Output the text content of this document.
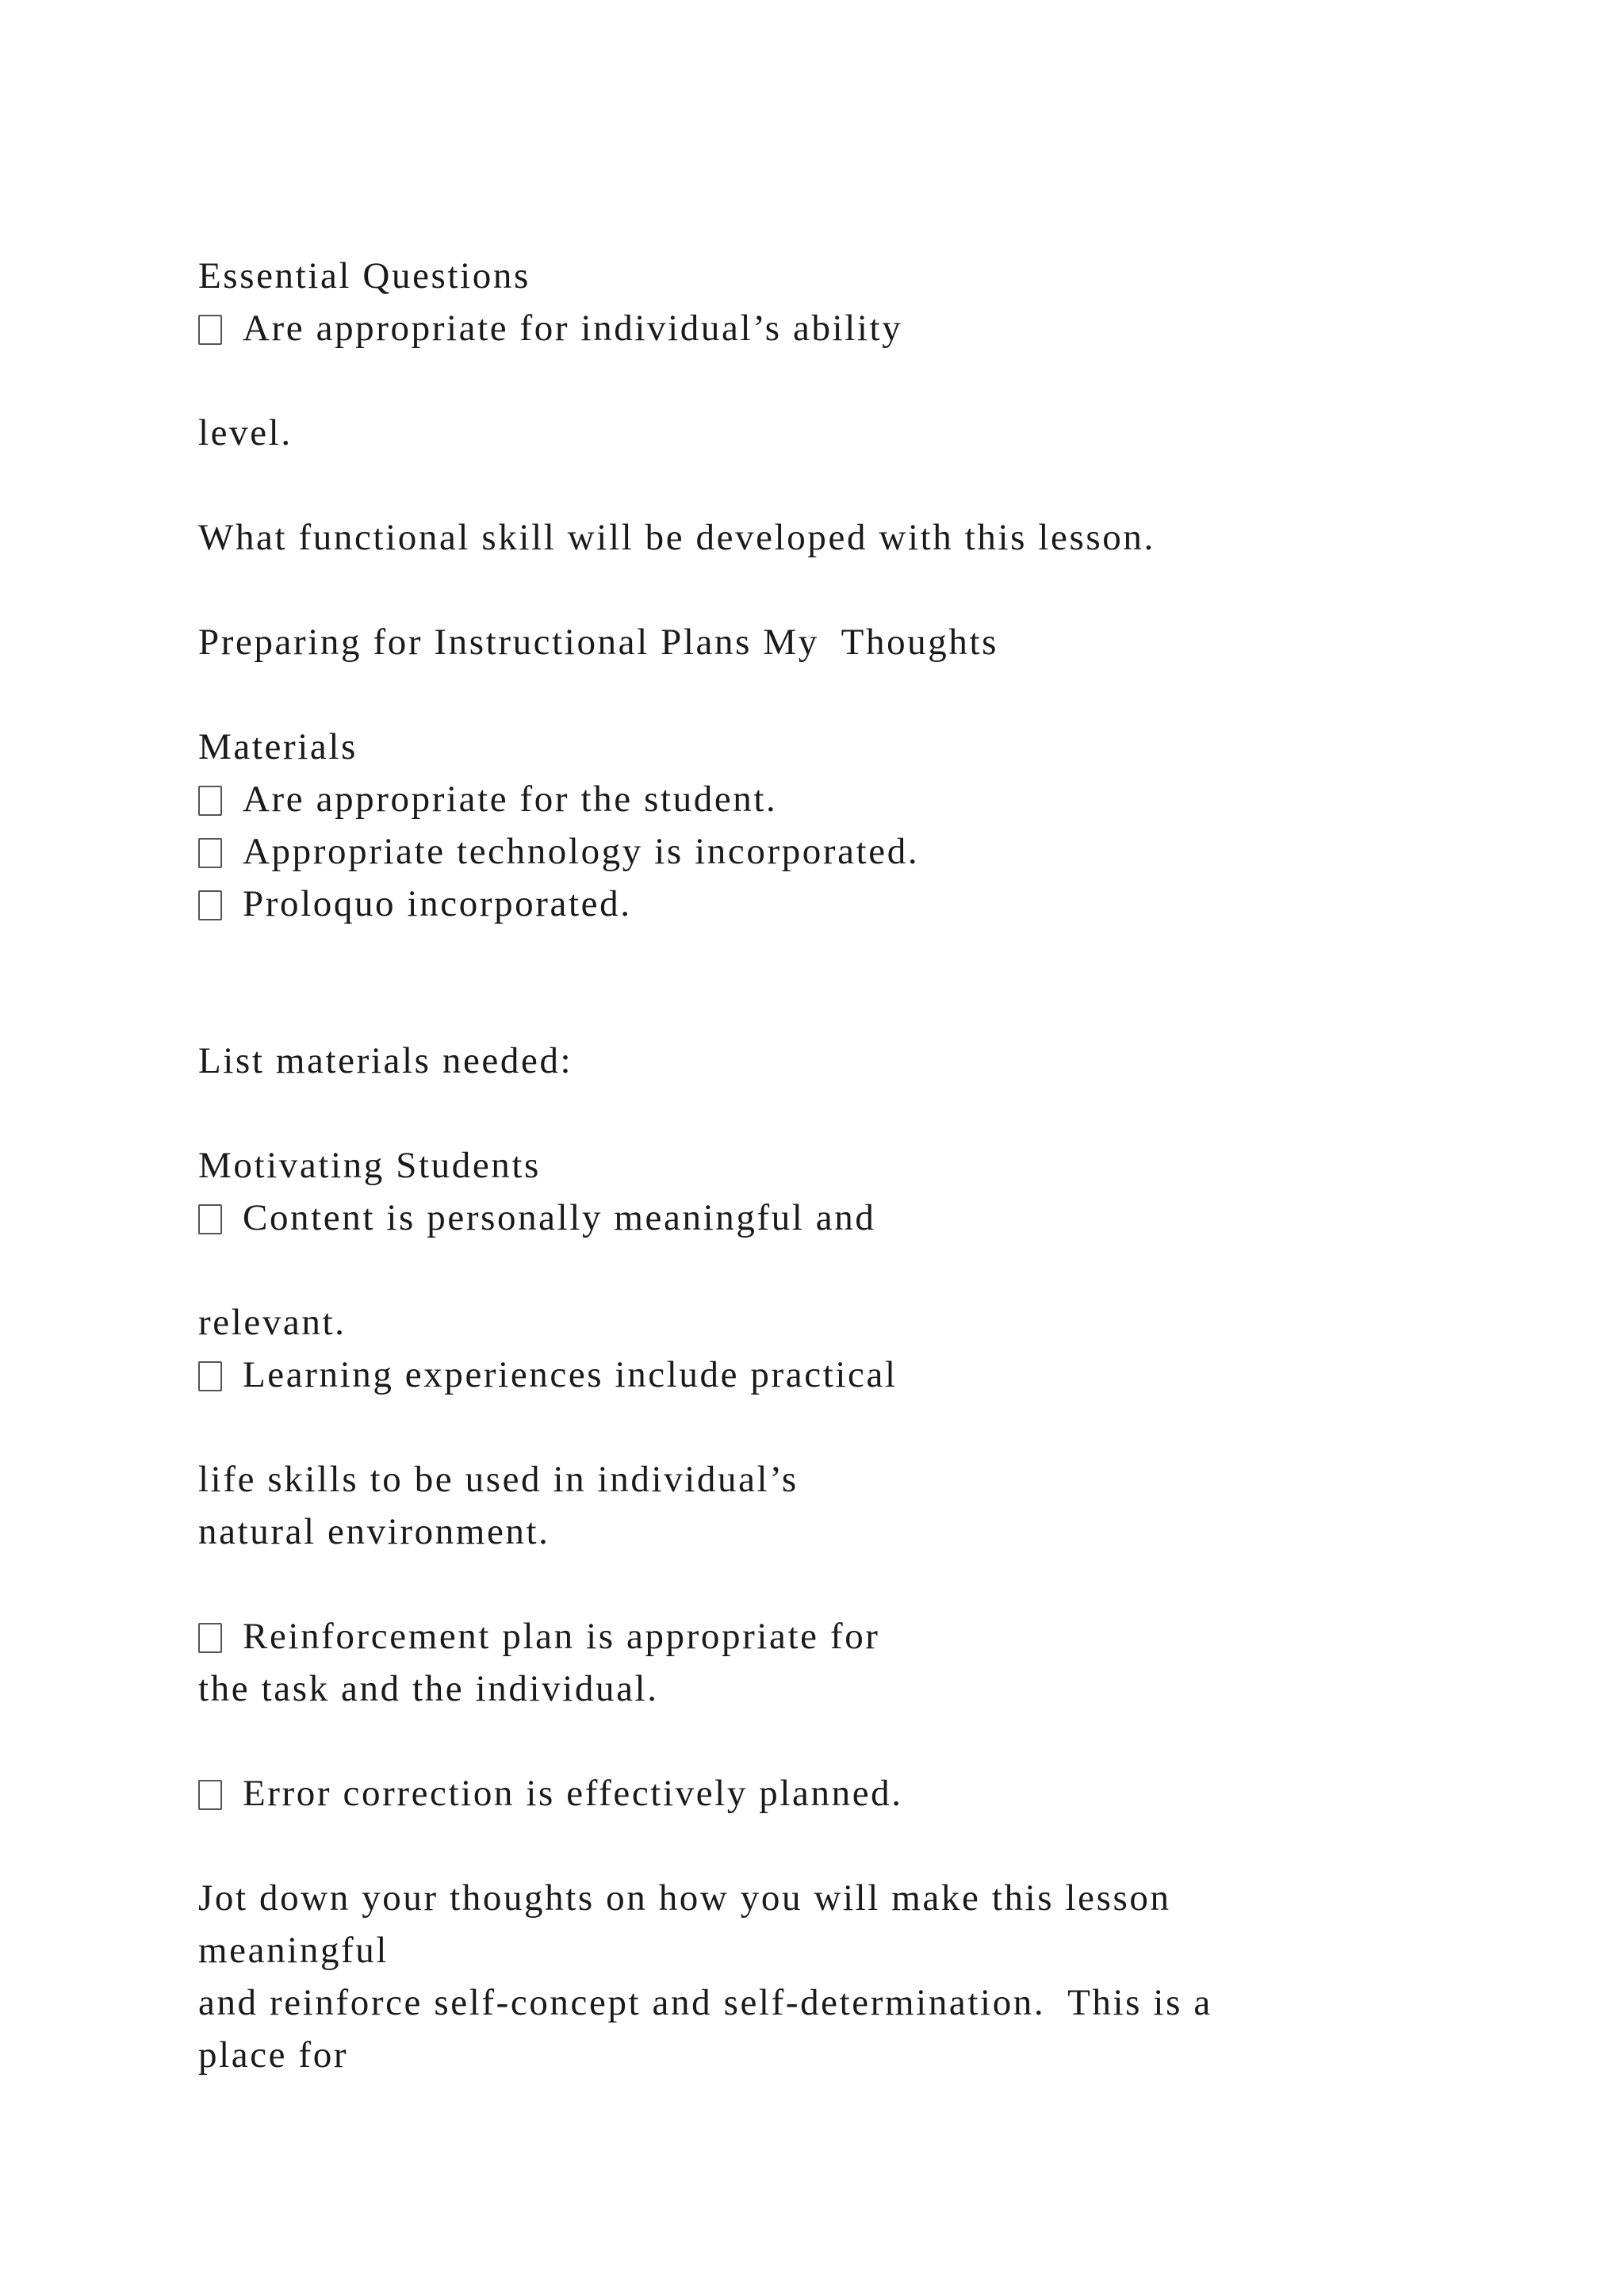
Essential Questions

Are appropriate for individual’s ability

level.

What functional skill will be developed with this lesson.

Preparing for Instructional Plans My  Thoughts

Materials

Are appropriate for the student.

Appropriate technology is incorporated.

Proloquo incorporated.

List materials needed:

Motivating Students

Content is personally meaningful and

relevant.

Learning experiences include practical

life skills to be used in individual’s

natural environment.

Reinforcement plan is appropriate for

the task and the individual.

Error correction is effectively planned.

Jot down your thoughts on how you will make this lesson

meaningful

and reinforce self-concept and self-determination.  This is a

place for
